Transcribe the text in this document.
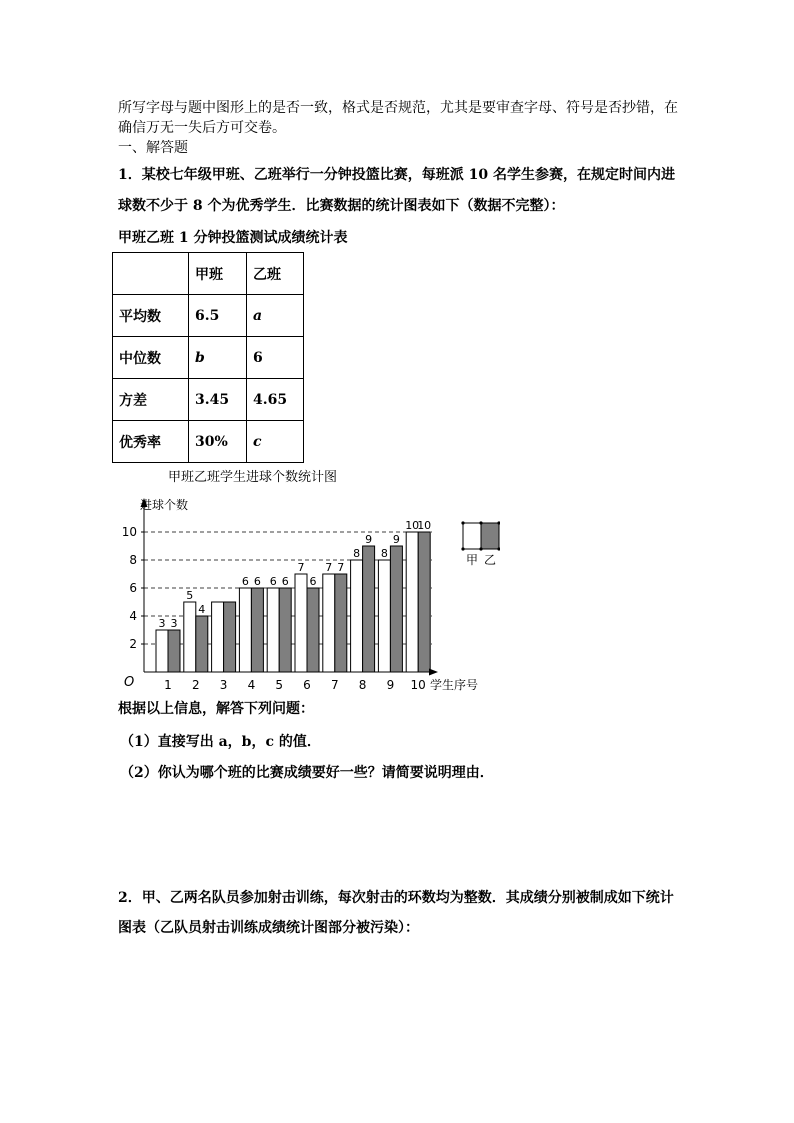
所写字母与题中图形上的是否一致，格式是否规范，尤其是要审查字母、符号是否抄错，在
确信万无一失后方可交卷。
一、解答题
1．某校七年级甲班、乙班举行一分钟投篮比赛，每班派 10 名学生参赛，在规定时间内进
球数不少于 8 个为优秀学生．比赛数据的统计图表如下（数据不完整）：
甲班乙班 1 分钟投篮测试成绩统计表
	甲班	乙班
平均数	6.5	a
中位数	b	6
方差	3.45	4.65
优秀率	30%	c
甲班乙班学生进球个数统计图
3 3
5
4
6 6 6 6
7
6
7 7
8
9
8
9
10
10
2
4
6
8
10
1 2 3 4 5 6 7 8 9 10
进球个数
学生序号
O
甲 乙
根据以上信息，解答下列问题：
（1）直接写出 a，b，c 的值．
（2）你认为哪个班的比赛成绩要好一些？请简要说明理由．
2．甲、乙两名队员参加射击训练，每次射击的环数均为整数．其成绩分别被制成如下统计
图表（乙队员射击训练成绩统计图部分被污染）：
